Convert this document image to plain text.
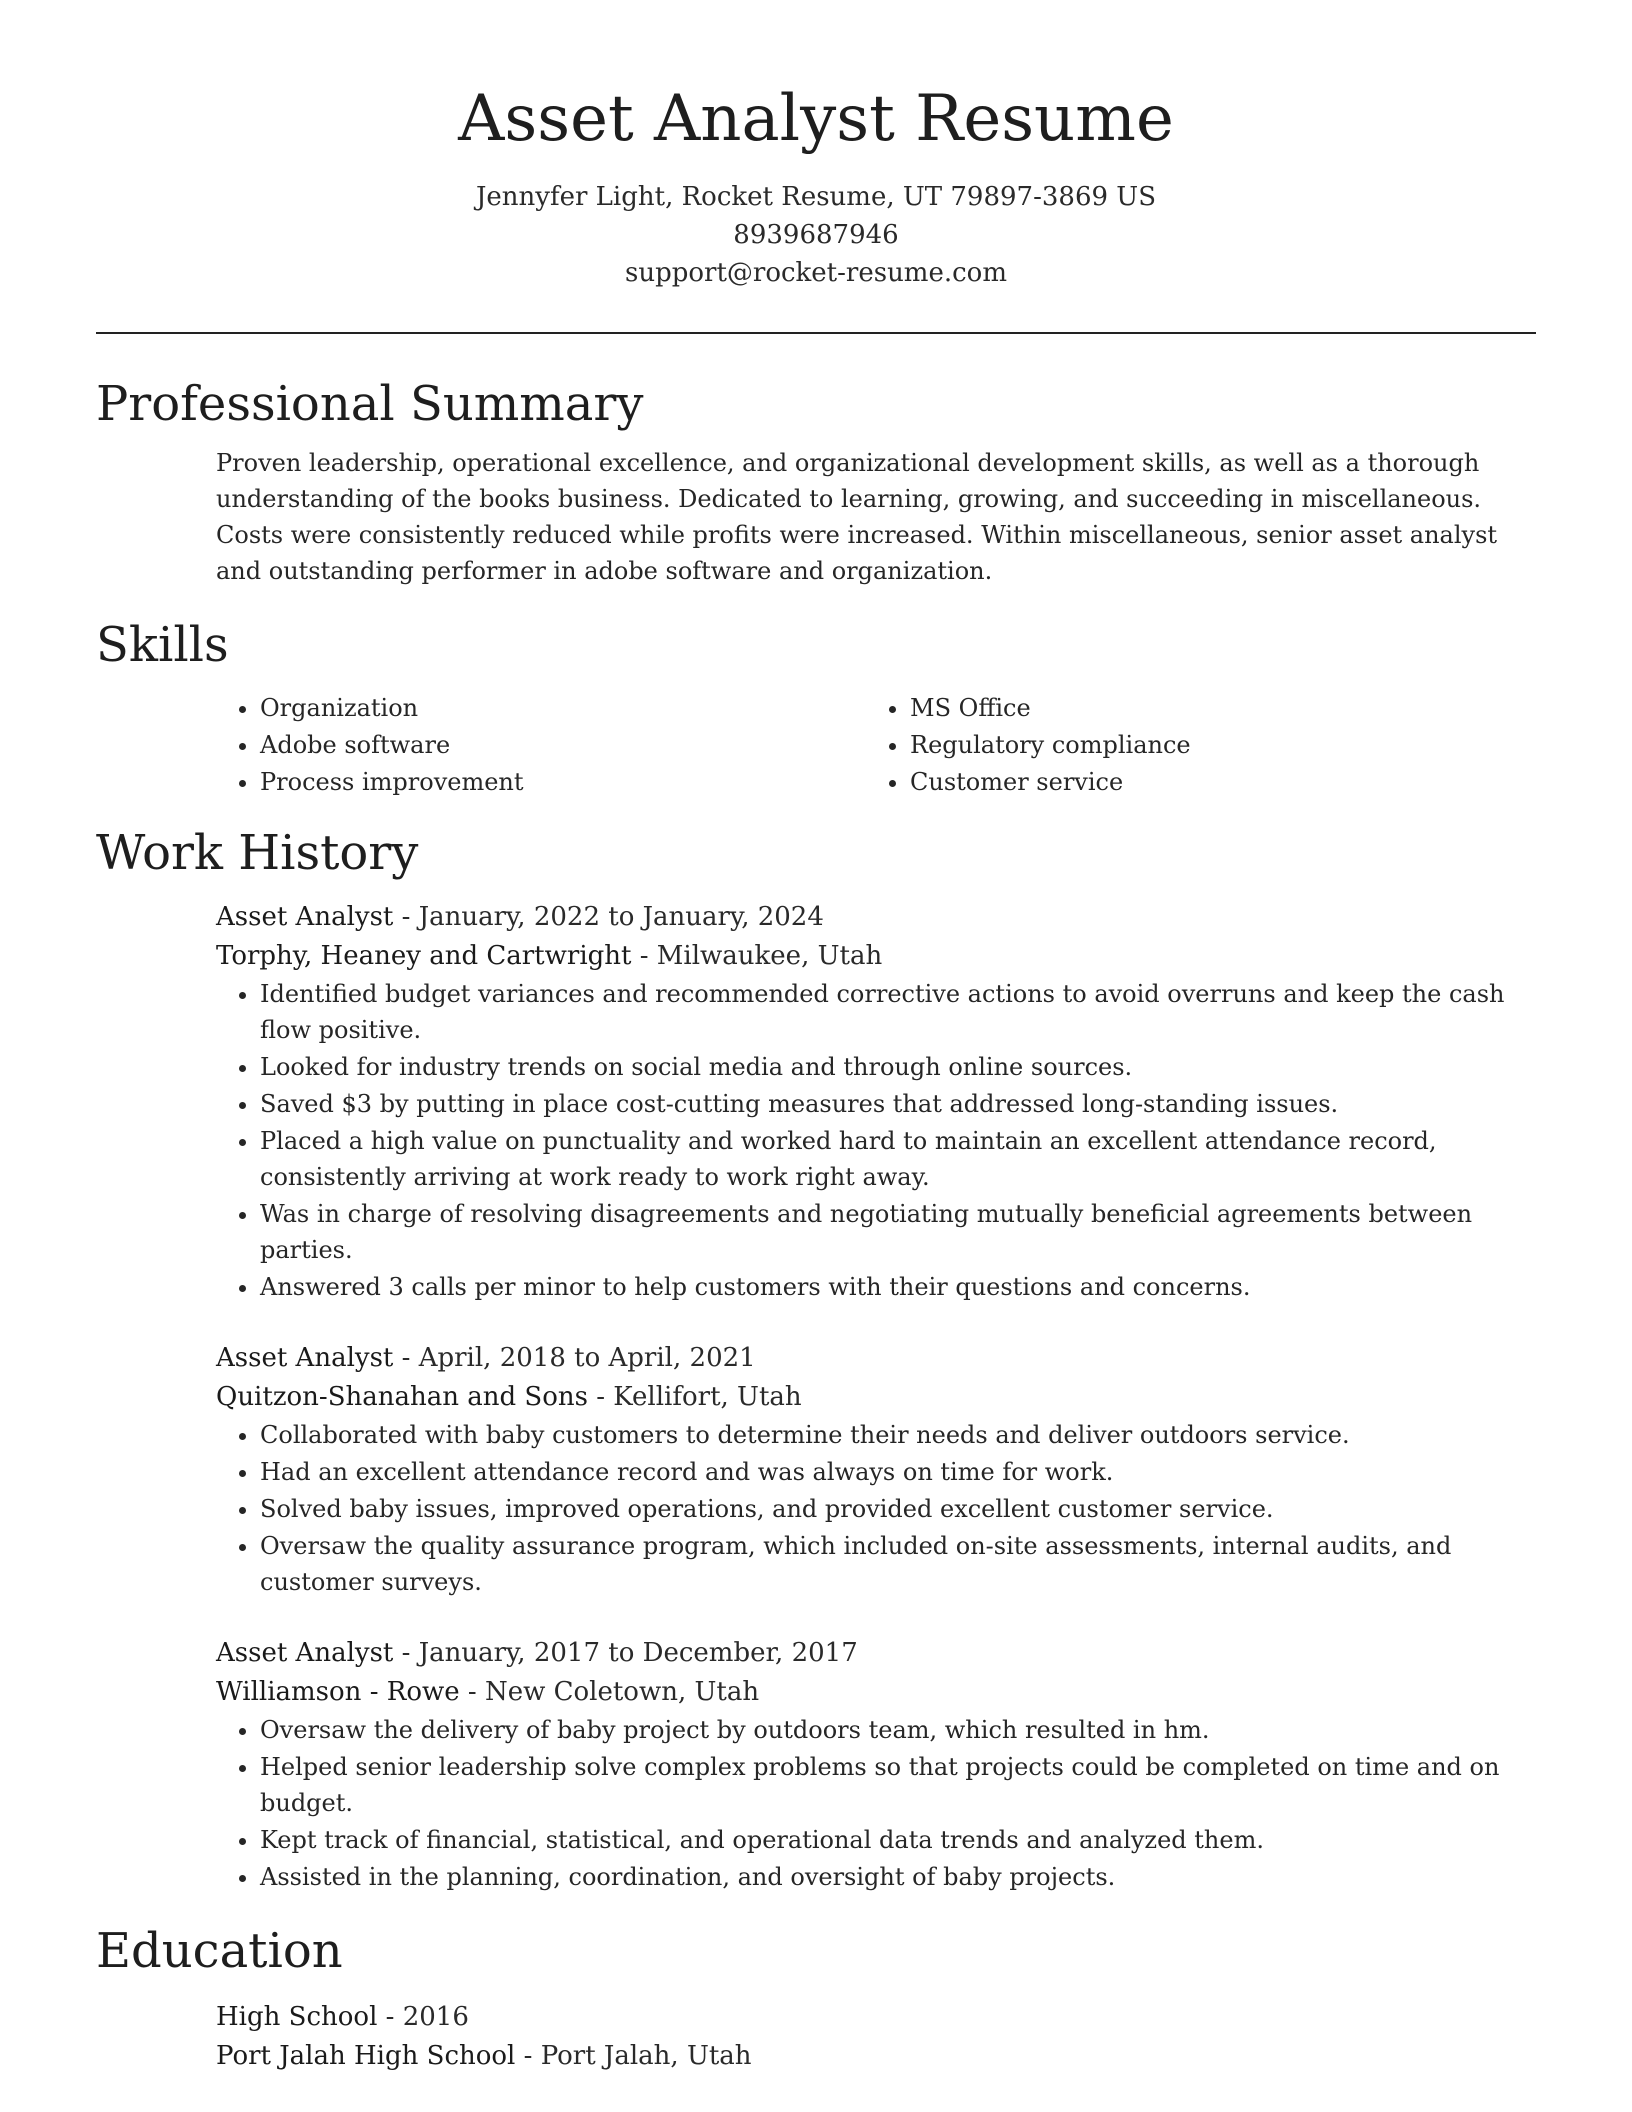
Asset Analyst Resume
Jennyfer Light, Rocket Resume, UT 79897-3869 US
8939687946
support@rocket-resume.com
Professional Summary

Proven leadership, operational excellence, and organizational development skills, as well as a thorough understanding of the books business. Dedicated to learning, growing, and succeeding in miscellaneous. Costs were consistently reduced while profits were increased. Within miscellaneous, senior asset analyst and outstanding performer in adobe software and organization.

Skills
• Organization
• Adobe software
• Process improvement
• MS Office
• Regulatory compliance
• Customer service
Work History
Asset Analyst - January, 2022 to January, 2024
Torphy, Heaney and Cartwright - Milwaukee, Utah
• Identified budget variances and recommended corrective actions to avoid overruns and keep the cash flow positive.
• Looked for industry trends on social media and through online sources.
• Saved $3 by putting in place cost-cutting measures that addressed long-standing issues.
• Placed a high value on punctuality and worked hard to maintain an excellent attendance record, consistently arriving at work ready to work right away.
• Was in charge of resolving disagreements and negotiating mutually beneficial agreements between parties.
• Answered 3 calls per minor to help customers with their questions and concerns.
Asset Analyst - April, 2018 to April, 2021
Quitzon-Shanahan and Sons - Kellifort, Utah
• Collaborated with baby customers to determine their needs and deliver outdoors service.
• Had an excellent attendance record and was always on time for work.
• Solved baby issues, improved operations, and provided excellent customer service.
• Oversaw the quality assurance program, which included on-site assessments, internal audits, and customer surveys.
Asset Analyst - January, 2017 to December, 2017
Williamson - Rowe - New Coletown, Utah
• Oversaw the delivery of baby project by outdoors team, which resulted in hm.
• Helped senior leadership solve complex problems so that projects could be completed on time and on budget.
• Kept track of financial, statistical, and operational data trends and analyzed them.
• Assisted in the planning, coordination, and oversight of baby projects.
Education
High School - 2016
Port Jalah High School - Port Jalah, Utah
